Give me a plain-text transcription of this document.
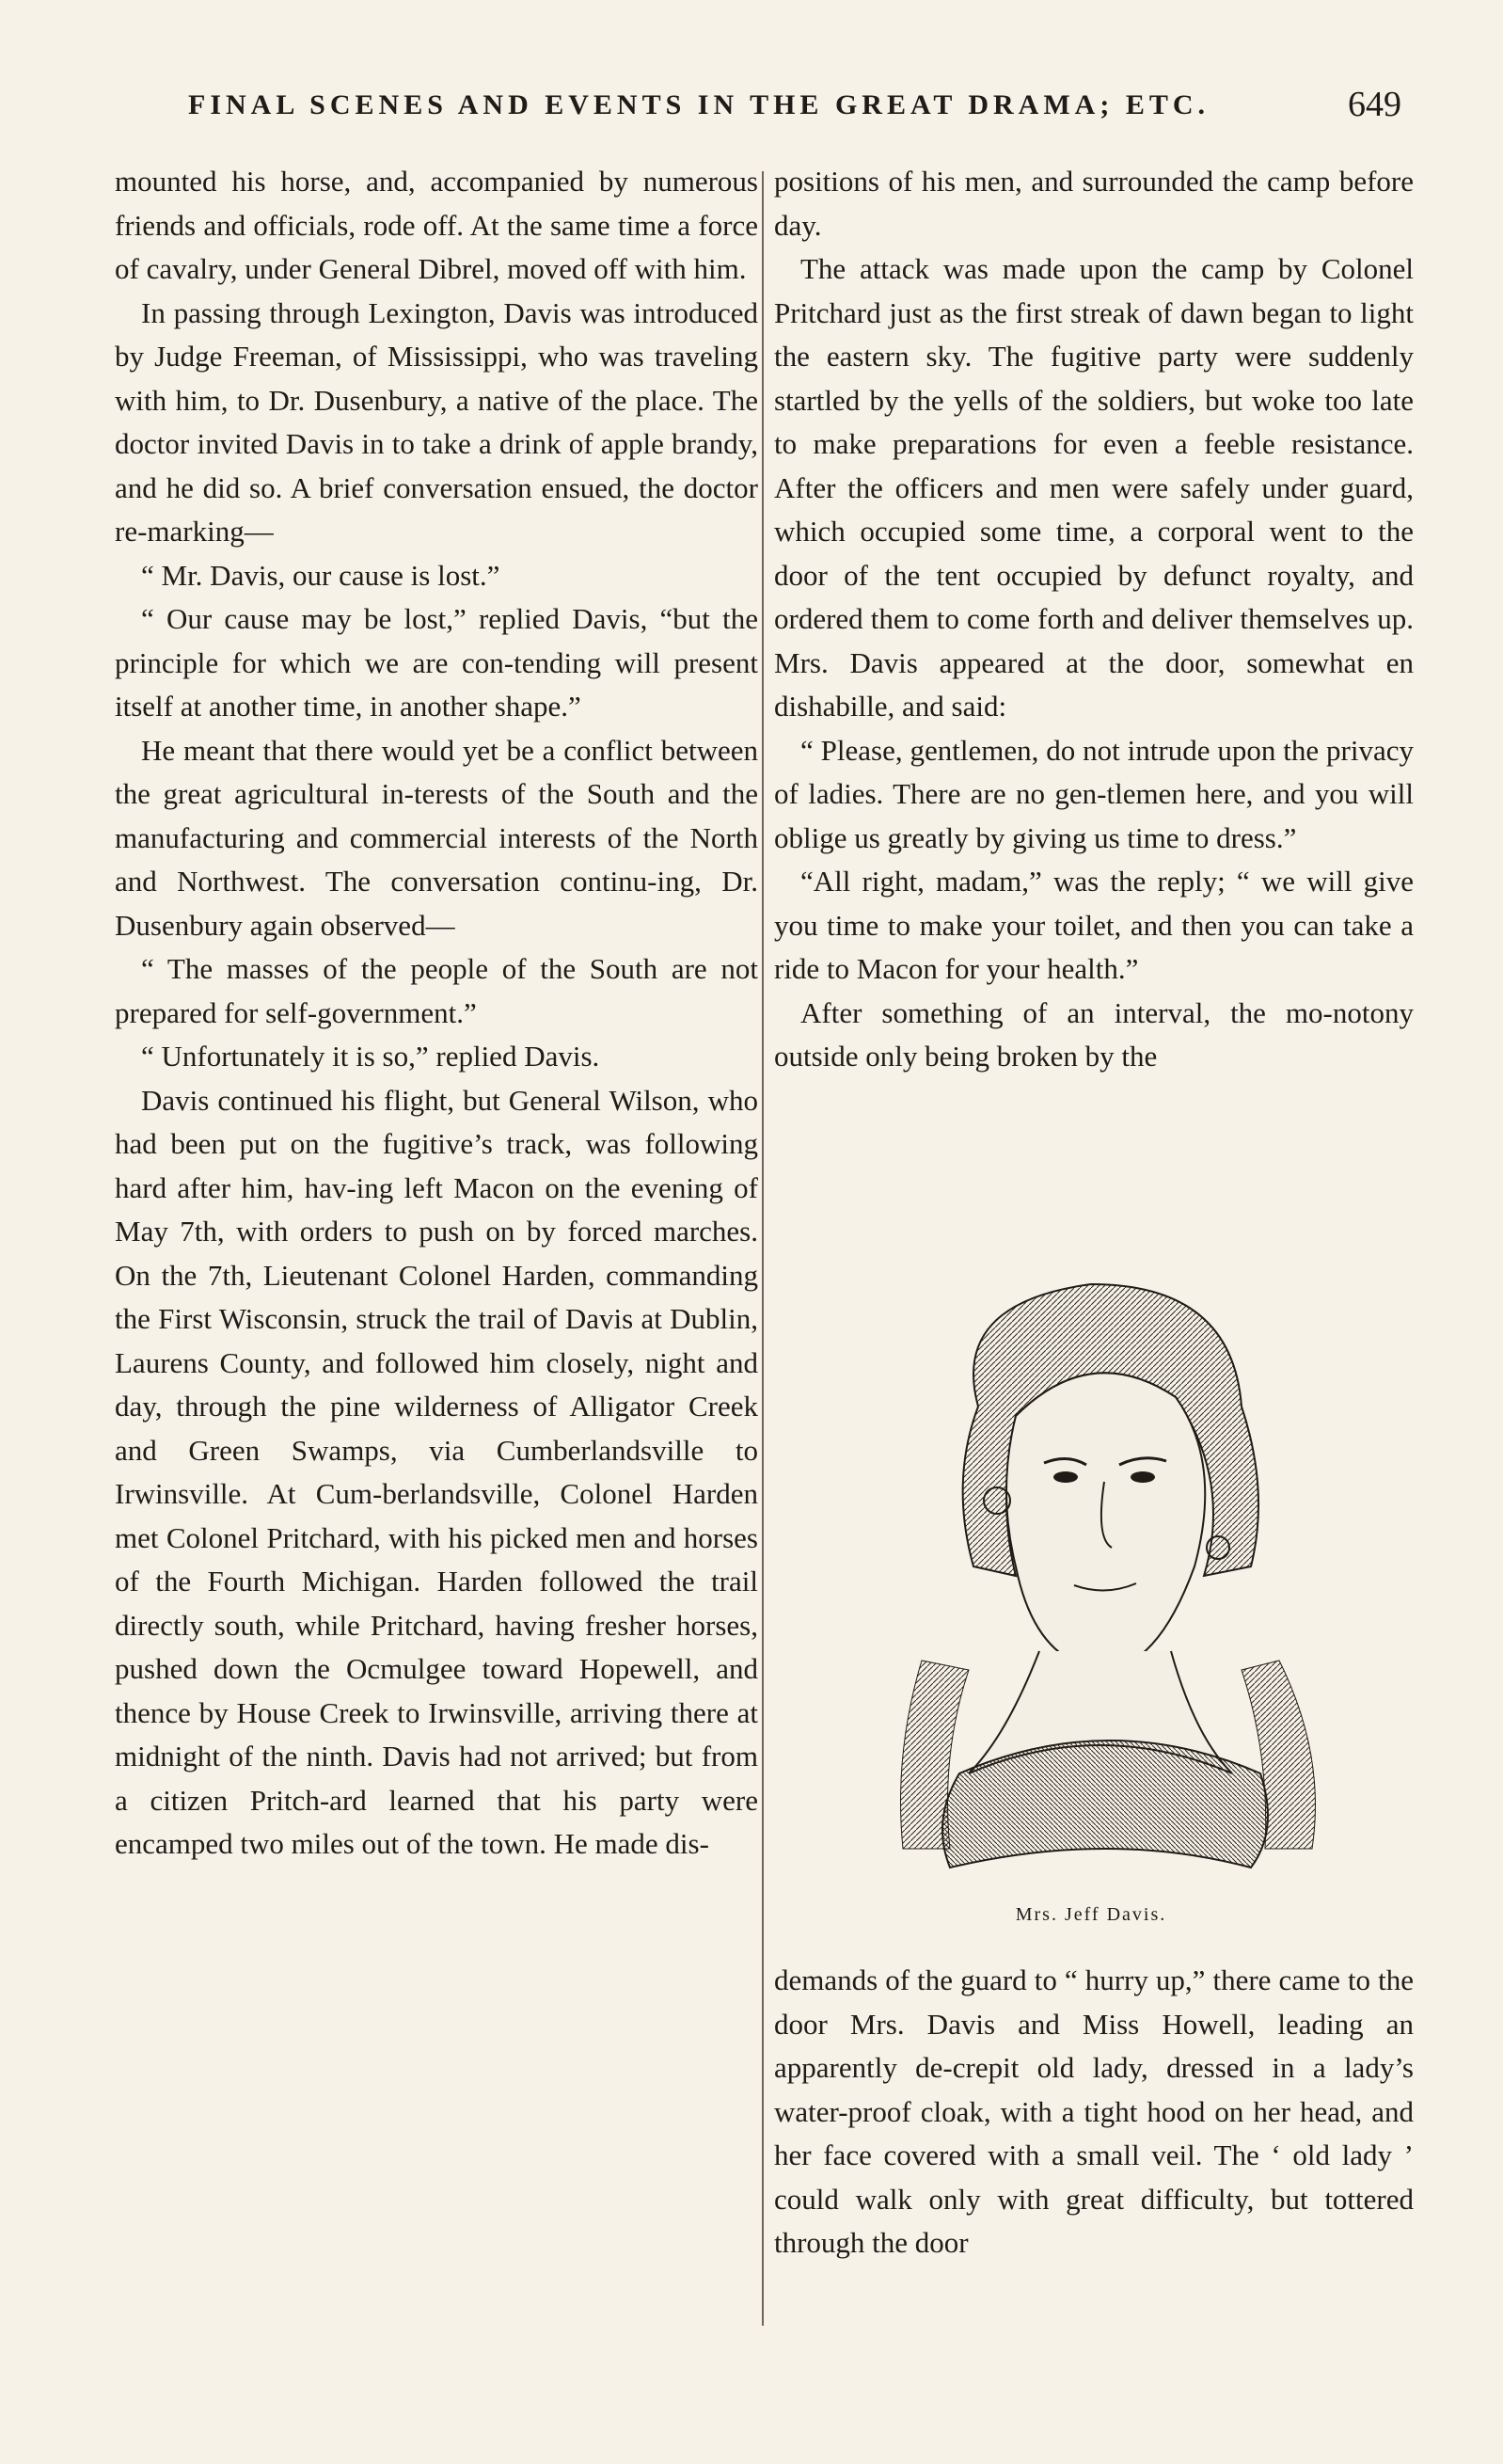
FINAL SCENES AND EVENTS IN THE GREAT DRAMA; ETC.	649

mounted his horse, and, accompanied by numerous friends and officials, rode off. At the same time a force of cavalry, under General Dibrel, moved off with him.

In passing through Lexington, Davis was introduced by Judge Freeman, of Mississippi, who was traveling with him, to Dr. Dusenbury, a native of the place. The doctor invited Davis in to take a drink of apple brandy, and he did so. A brief conversation ensued, the doctor re-marking—

“ Mr. Davis, our cause is lost.”

“ Our cause may be lost,” replied Davis, “but the principle for which we are con-tending will present itself at another time, in another shape.”

He meant that there would yet be a conflict between the great agricultural in-terests of the South and the manufacturing and commercial interests of the North and Northwest. The conversation continu-ing, Dr. Dusenbury again observed—

“ The masses of the people of the South are not prepared for self-government.”

“ Unfortunately it is so,” replied Davis.

Davis continued his flight, but General Wilson, who had been put on the fugitive’s track, was following hard after him, hav-ing left Macon on the evening of May 7th, with orders to push on by forced marches. On the 7th, Lieutenant Colonel Harden, commanding the First Wisconsin, struck the trail of Davis at Dublin, Laurens County, and followed him closely, night and day, through the pine wilderness of Alligator Creek and Green Swamps, via Cumberlandsville to Irwinsville. At Cum-berlandsville, Colonel Harden met Colonel Pritchard, with his picked men and horses of the Fourth Michigan. Harden followed the trail directly south, while Pritchard, having fresher horses, pushed down the Ocmulgee toward Hopewell, and thence by House Creek to Irwinsville, arriving there at midnight of the ninth. Davis had not arrived; but from a citizen Pritch-ard learned that his party were encamped two miles out of the town. He made dis-

positions of his men, and surrounded the camp before day.

The attack was made upon the camp by Colonel Pritchard just as the first streak of dawn began to light the eastern sky. The fugitive party were suddenly startled by the yells of the soldiers, but woke too late to make preparations for even a feeble resistance. After the officers and men were safely under guard, which occupied some time, a corporal went to the door of the tent occupied by defunct royalty, and ordered them to come forth and deliver themselves up. Mrs. Davis appeared at the door, somewhat en dishabille, and said:

“ Please, gentlemen, do not intrude upon the privacy of ladies. There are no gen-tlemen here, and you will oblige us greatly by giving us time to dress.”

“All right, madam,” was the reply; “ we will give you time to make your toilet, and then you can take a ride to Macon for your health.”

After something of an interval, the mo-notony outside only being broken by the

Mrs. Jeff Davis.

demands of the guard to “ hurry up,” there came to the door Mrs. Davis and Miss Howell, leading an apparently de-crepit old lady, dressed in a lady’s water-proof cloak, with a tight hood on her head, and her face covered with a small veil. The ‘ old lady ’ could walk only with great difficulty, but tottered through the door
